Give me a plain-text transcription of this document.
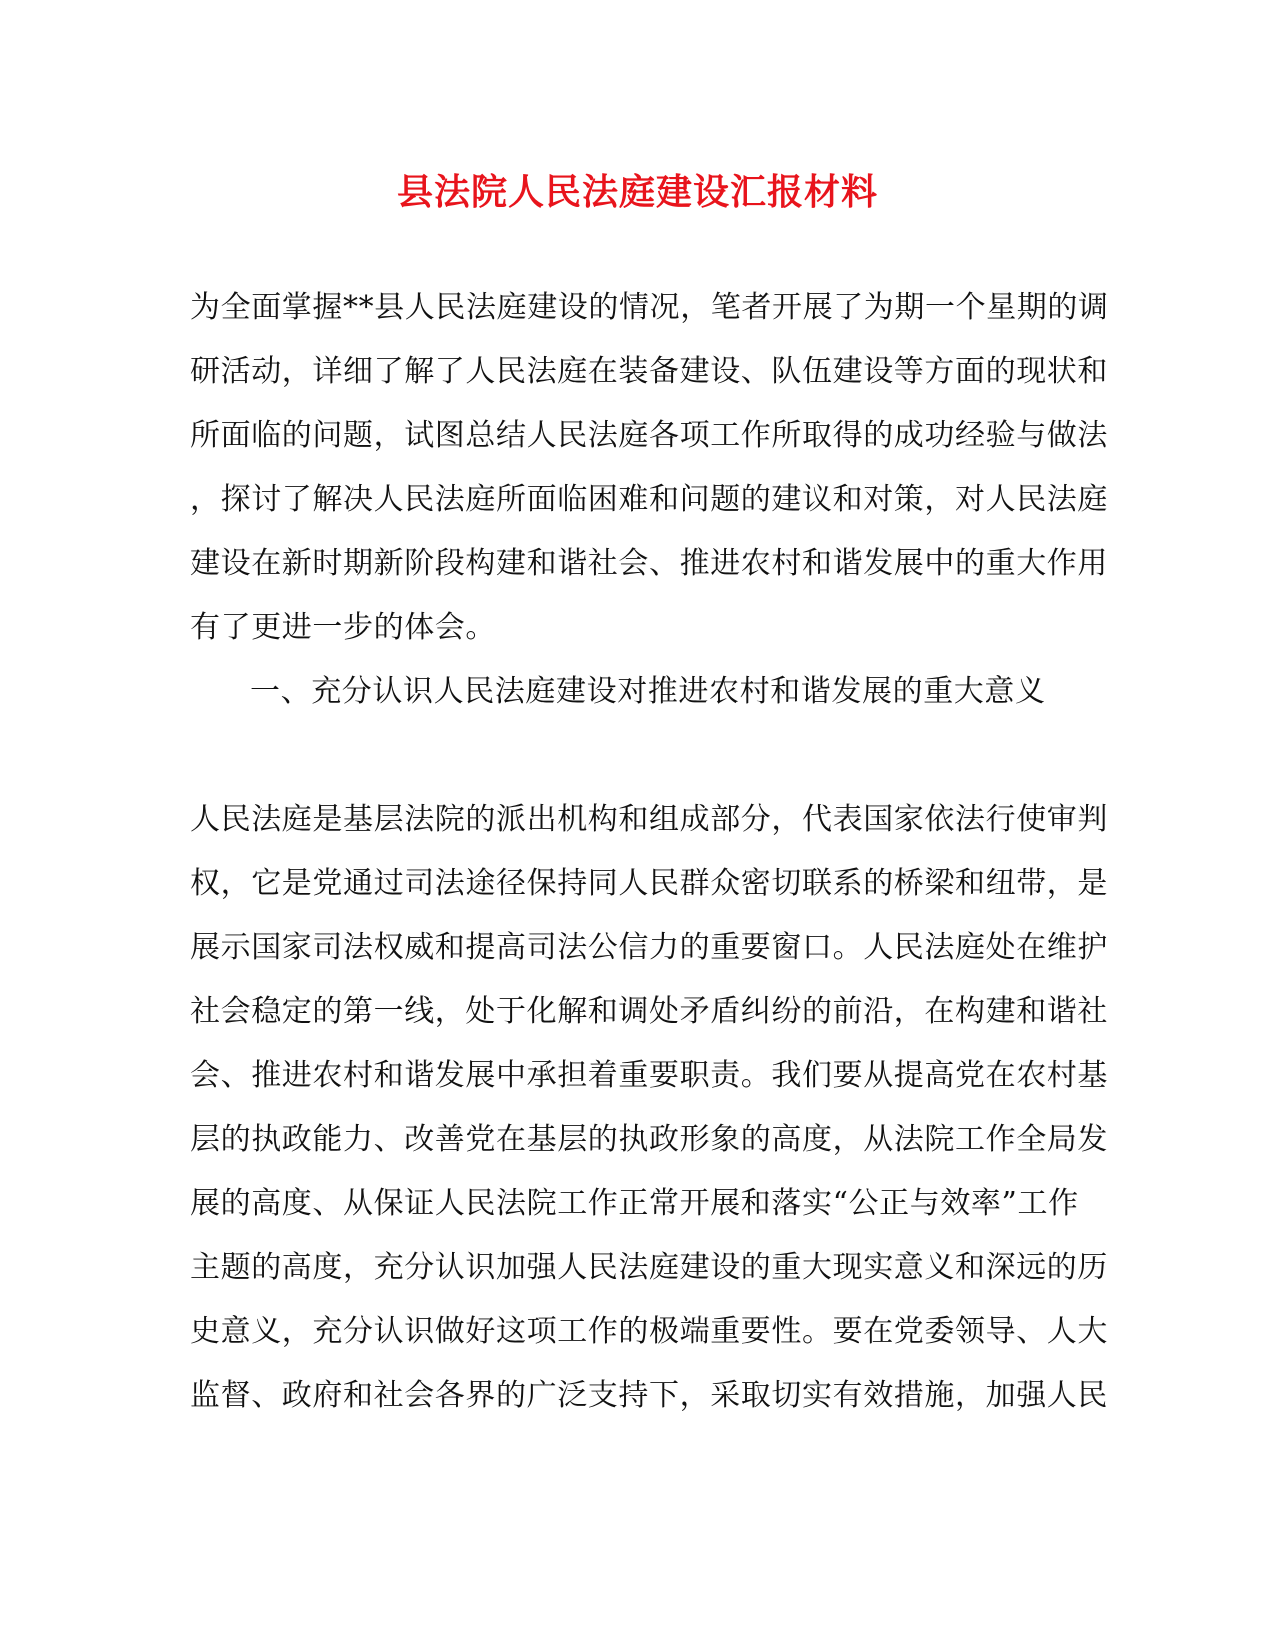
县法院人民法庭建设汇报材料
为全面掌握**县人民法庭建设的情况，笔者开展了为期一个星期的调
研活动，详细了解了人民法庭在装备建设、队伍建设等方面的现状和
所面临的问题，试图总结人民法庭各项工作所取得的成功经验与做法
，探讨了解决人民法庭所面临困难和问题的建议和对策，对人民法庭
建设在新时期新阶段构建和谐社会、推进农村和谐发展中的重大作用
有了更进一步的体会。
一、充分认识人民法庭建设对推进农村和谐发展的重大意义
人民法庭是基层法院的派出机构和组成部分，代表国家依法行使审判
权，它是党通过司法途径保持同人民群众密切联系的桥梁和纽带，是
展示国家司法权威和提高司法公信力的重要窗口。人民法庭处在维护
社会稳定的第一线，处于化解和调处矛盾纠纷的前沿，在构建和谐社
会、推进农村和谐发展中承担着重要职责。我们要从提高党在农村基
层的执政能力、改善党在基层的执政形象的高度，从法院工作全局发
展的高度、从保证人民法院工作正常开展和落实“公正与效率”工作
主题的高度，充分认识加强人民法庭建设的重大现实意义和深远的历
史意义，充分认识做好这项工作的极端重要性。要在党委领导、人大
监督、政府和社会各界的广泛支持下，采取切实有效措施，加强人民
